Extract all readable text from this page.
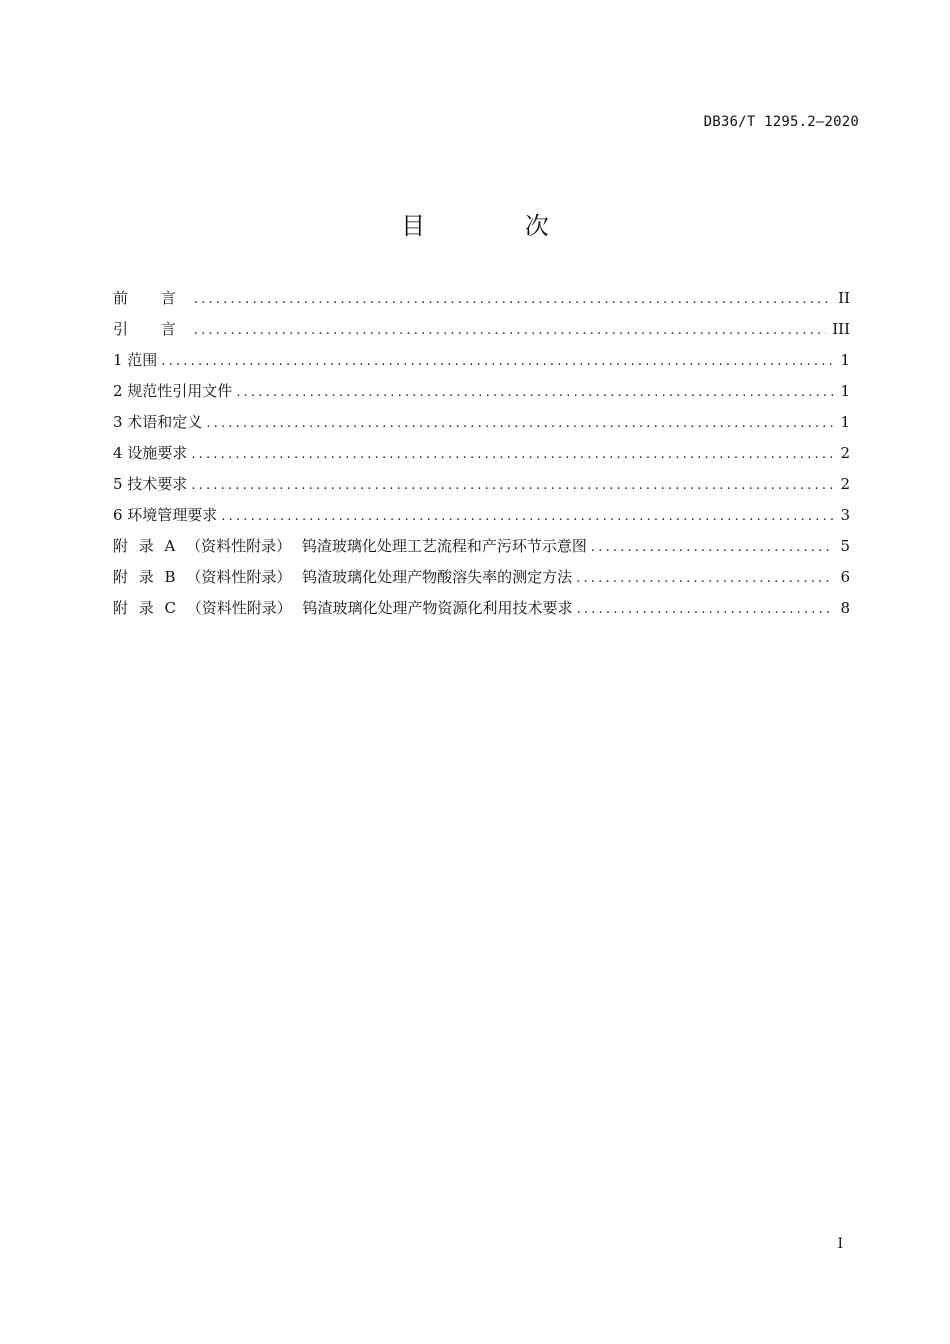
DB36/T 1295.2—2020
目 次
前 言 .....	II
引 言 .....	III
1 范围 .....	1
2 规范性引用文件 .....	1
3 术语和定义 .....	1
4 设施要求 .....	2
5 技术要求 .....	2
6 环境管理要求 .....	3
附 录 A （资料性附录） 钨渣玻璃化处理工艺流程和产污环节示意图 .....	5
附 录 B （资料性附录） 钨渣玻璃化处理产物酸溶失率的测定方法 .....	6
附 录 C （资料性附录） 钨渣玻璃化处理产物资源化利用技术要求 .....	8
I
